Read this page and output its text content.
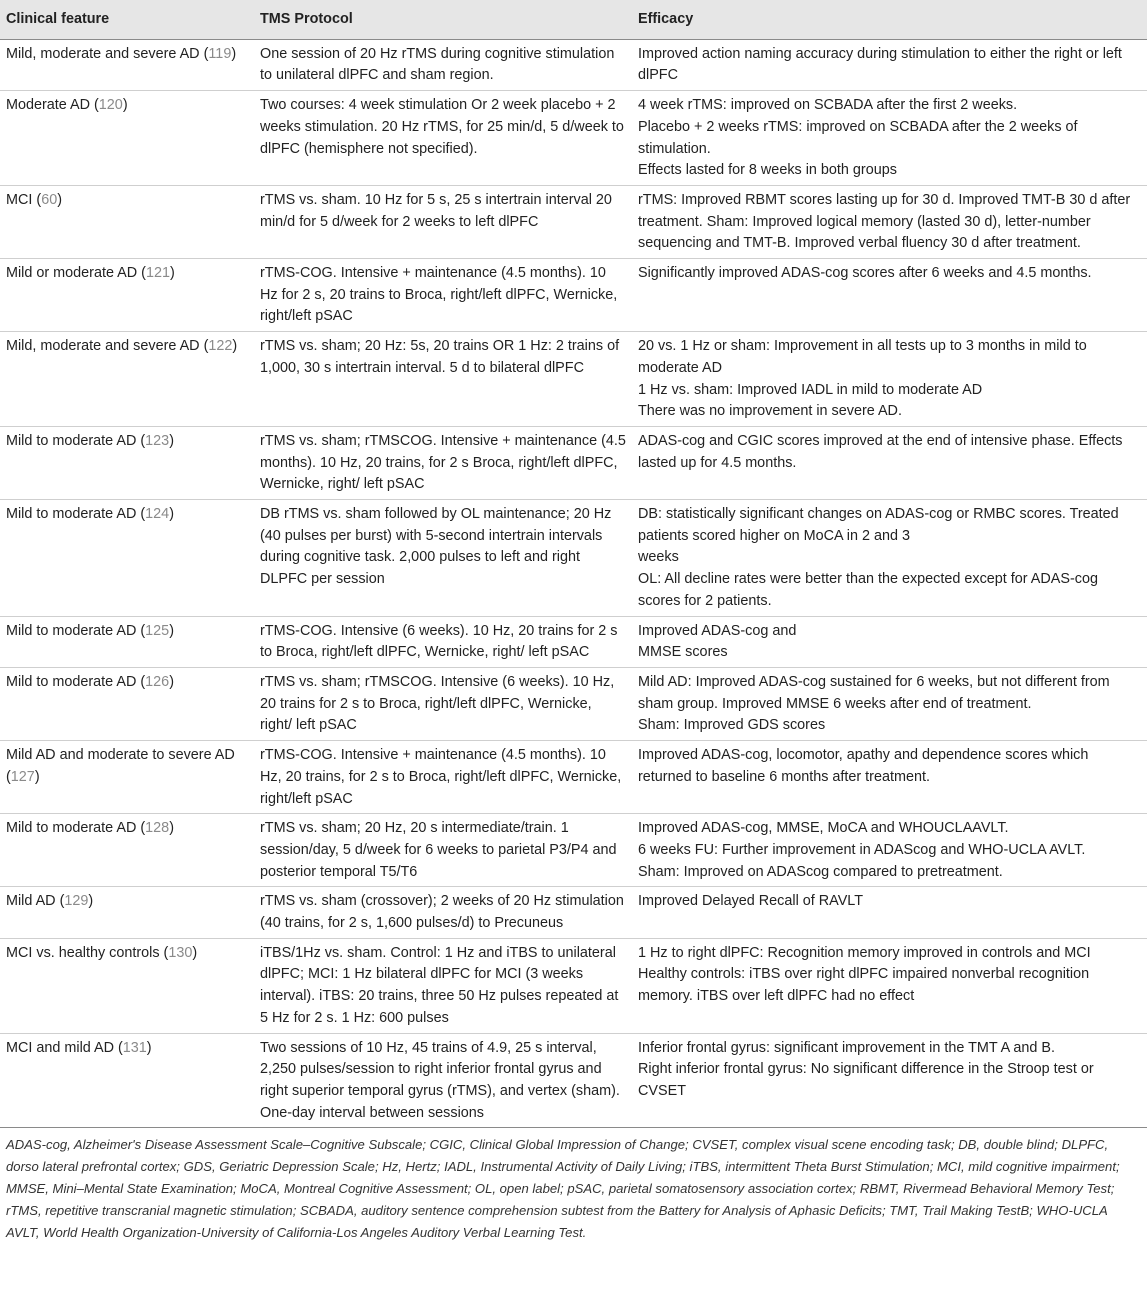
Clinical feature	TMS Protocol	Efficacy
Mild, moderate and severe AD (119)	One session of 20 Hz rTMS during cognitive stimulation to unilateral dlPFC and sham region.	Improved action naming accuracy during stimulation to either the right or left dlPFC

Moderate AD (120)	Two courses: 4 week stimulation Or 2 week placebo + 2 weeks stimulation. 20 Hz rTMS, for 25 min/d, 5 d/week to dlPFC (hemisphere not specified).	4 week rTMS: improved on SCBADA after the first 2 weeks.
Placebo + 2 weeks rTMS: improved on SCBADA after the 2 weeks of stimulation.
Effects lasted for 8 weeks in both groups

MCI (60)	rTMS vs. sham. 10 Hz for 5 s, 25 s intertrain interval 20 min/d for 5 d/week for 2 weeks to left dlPFC	rTMS: Improved RBMT scores lasting up for 30 d. Improved TMT-B 30 d after treatment. Sham: Improved logical memory (lasted 30 d), letter-number sequencing and TMT-B. Improved verbal fluency 30 d after treatment.

Mild or moderate AD (121)	rTMS-COG. Intensive + maintenance (4.5 months). 10 Hz for 2 s, 20 trains to Broca, right/left dlPFC, Wernicke, right/left pSAC	Significantly improved ADAS-cog scores after 6 weeks and 4.5 months.

Mild, moderate and severe AD (122)	rTMS vs. sham; 20 Hz: 5s, 20 trains OR 1 Hz: 2 trains of 1,000, 30 s intertrain interval. 5 d to bilateral dlPFC	20 vs. 1 Hz or sham: Improvement in all tests up to 3 months in mild to moderate AD
1 Hz vs. sham: Improved IADL in mild to moderate AD
There was no improvement in severe AD.

Mild to moderate AD (123)	rTMS vs. sham; rTMSCOG. Intensive + maintenance (4.5 months). 10 Hz, 20 trains, for 2 s Broca, right/left dlPFC, Wernicke, right/ left pSAC	ADAS-cog and CGIC scores improved at the end of intensive phase. Effects lasted up for 4.5 months.

Mild to moderate AD (124)	DB rTMS vs. sham followed by OL maintenance; 20 Hz (40 pulses per burst) with 5-second intertrain intervals during cognitive task. 2,000 pulses to left and right DLPFC per session	DB: statistically significant changes on ADAS-cog or RMBC scores. Treated patients scored higher on MoCA in 2 and 3
weeks
OL: All decline rates were better than the expected except for ADAS-cog scores for 2 patients.

Mild to moderate AD (125)	rTMS-COG. Intensive (6 weeks). 10 Hz, 20 trains for 2 s to Broca, right/left dlPFC, Wernicke, right/ left pSAC	Improved ADAS-cog and
MMSE scores

Mild to moderate AD (126)	rTMS vs. sham; rTMSCOG. Intensive (6 weeks). 10 Hz, 20 trains for 2 s to Broca, right/left dlPFC, Wernicke, right/ left pSAC	Mild AD: Improved ADAS-cog sustained for 6 weeks, but not different from sham group. Improved MMSE 6 weeks after end of treatment.
Sham: Improved GDS scores

Mild AD and moderate to severe AD (127)	rTMS-COG. Intensive + maintenance (4.5 months). 10 Hz, 20 trains, for 2 s to Broca, right/left dlPFC, Wernicke, right/left pSAC	Improved ADAS-cog, locomotor, apathy and dependence scores which returned to baseline 6 months after treatment.

Mild to moderate AD (128)	rTMS vs. sham; 20 Hz, 20 s intermediate/train. 1 session/day, 5 d/week for 6 weeks to parietal P3/P4 and posterior temporal T5/T6	Improved ADAS-cog, MMSE, MoCA and WHOUCLAAVLT.
6 weeks FU: Further improvement in ADAScog and WHO-UCLA AVLT.
Sham: Improved on ADAScog compared to pretreatment.

Mild AD (129)	rTMS vs. sham (crossover); 2 weeks of 20 Hz stimulation (40 trains, for 2 s, 1,600 pulses/d) to Precuneus	Improved Delayed Recall of RAVLT

MCI vs. healthy controls (130)	iTBS/1Hz vs. sham. Control: 1 Hz and iTBS to unilateral dlPFC; MCI: 1 Hz bilateral dlPFC for MCI (3 weeks interval). iTBS: 20 trains, three 50 Hz pulses repeated at 5 Hz for 2 s. 1 Hz: 600 pulses	1 Hz to right dlPFC: Recognition memory improved in controls and MCI
Healthy controls: iTBS over right dlPFC impaired nonverbal recognition memory. iTBS over left dlPFC had no effect

MCI and mild AD (131)	Two sessions of 10 Hz, 45 trains of 4.9, 25 s interval, 2,250 pulses/session to right inferior frontal gyrus and right superior temporal gyrus (rTMS), and vertex (sham). One-day interval between sessions	Inferior frontal gyrus: significant improvement in the TMT A and B.
Right inferior frontal gyrus: No significant difference in the Stroop test or CVSET
ADAS-cog, Alzheimer's Disease Assessment Scale–Cognitive Subscale; CGIC, Clinical Global Impression of Change; CVSET, complex visual scene encoding task; DB, double blind; DLPFC, dorso lateral prefrontal cortex; GDS, Geriatric Depression Scale; Hz, Hertz; IADL, Instrumental Activity of Daily Living; iTBS, intermittent Theta Burst Stimulation; MCI, mild cognitive impairment; MMSE, Mini–Mental State Examination; MoCA, Montreal Cognitive Assessment; OL, open label; pSAC, parietal somatosensory association cortex; RBMT, Rivermead Behavioral Memory Test; rTMS, repetitive transcranial magnetic stimulation; SCBADA, auditory sentence comprehension subtest from the Battery for Analysis of Aphasic Deficits; TMT, Trail Making TestB; WHO-UCLA AVLT, World Health Organization-University of California-Los Angeles Auditory Verbal Learning Test.
